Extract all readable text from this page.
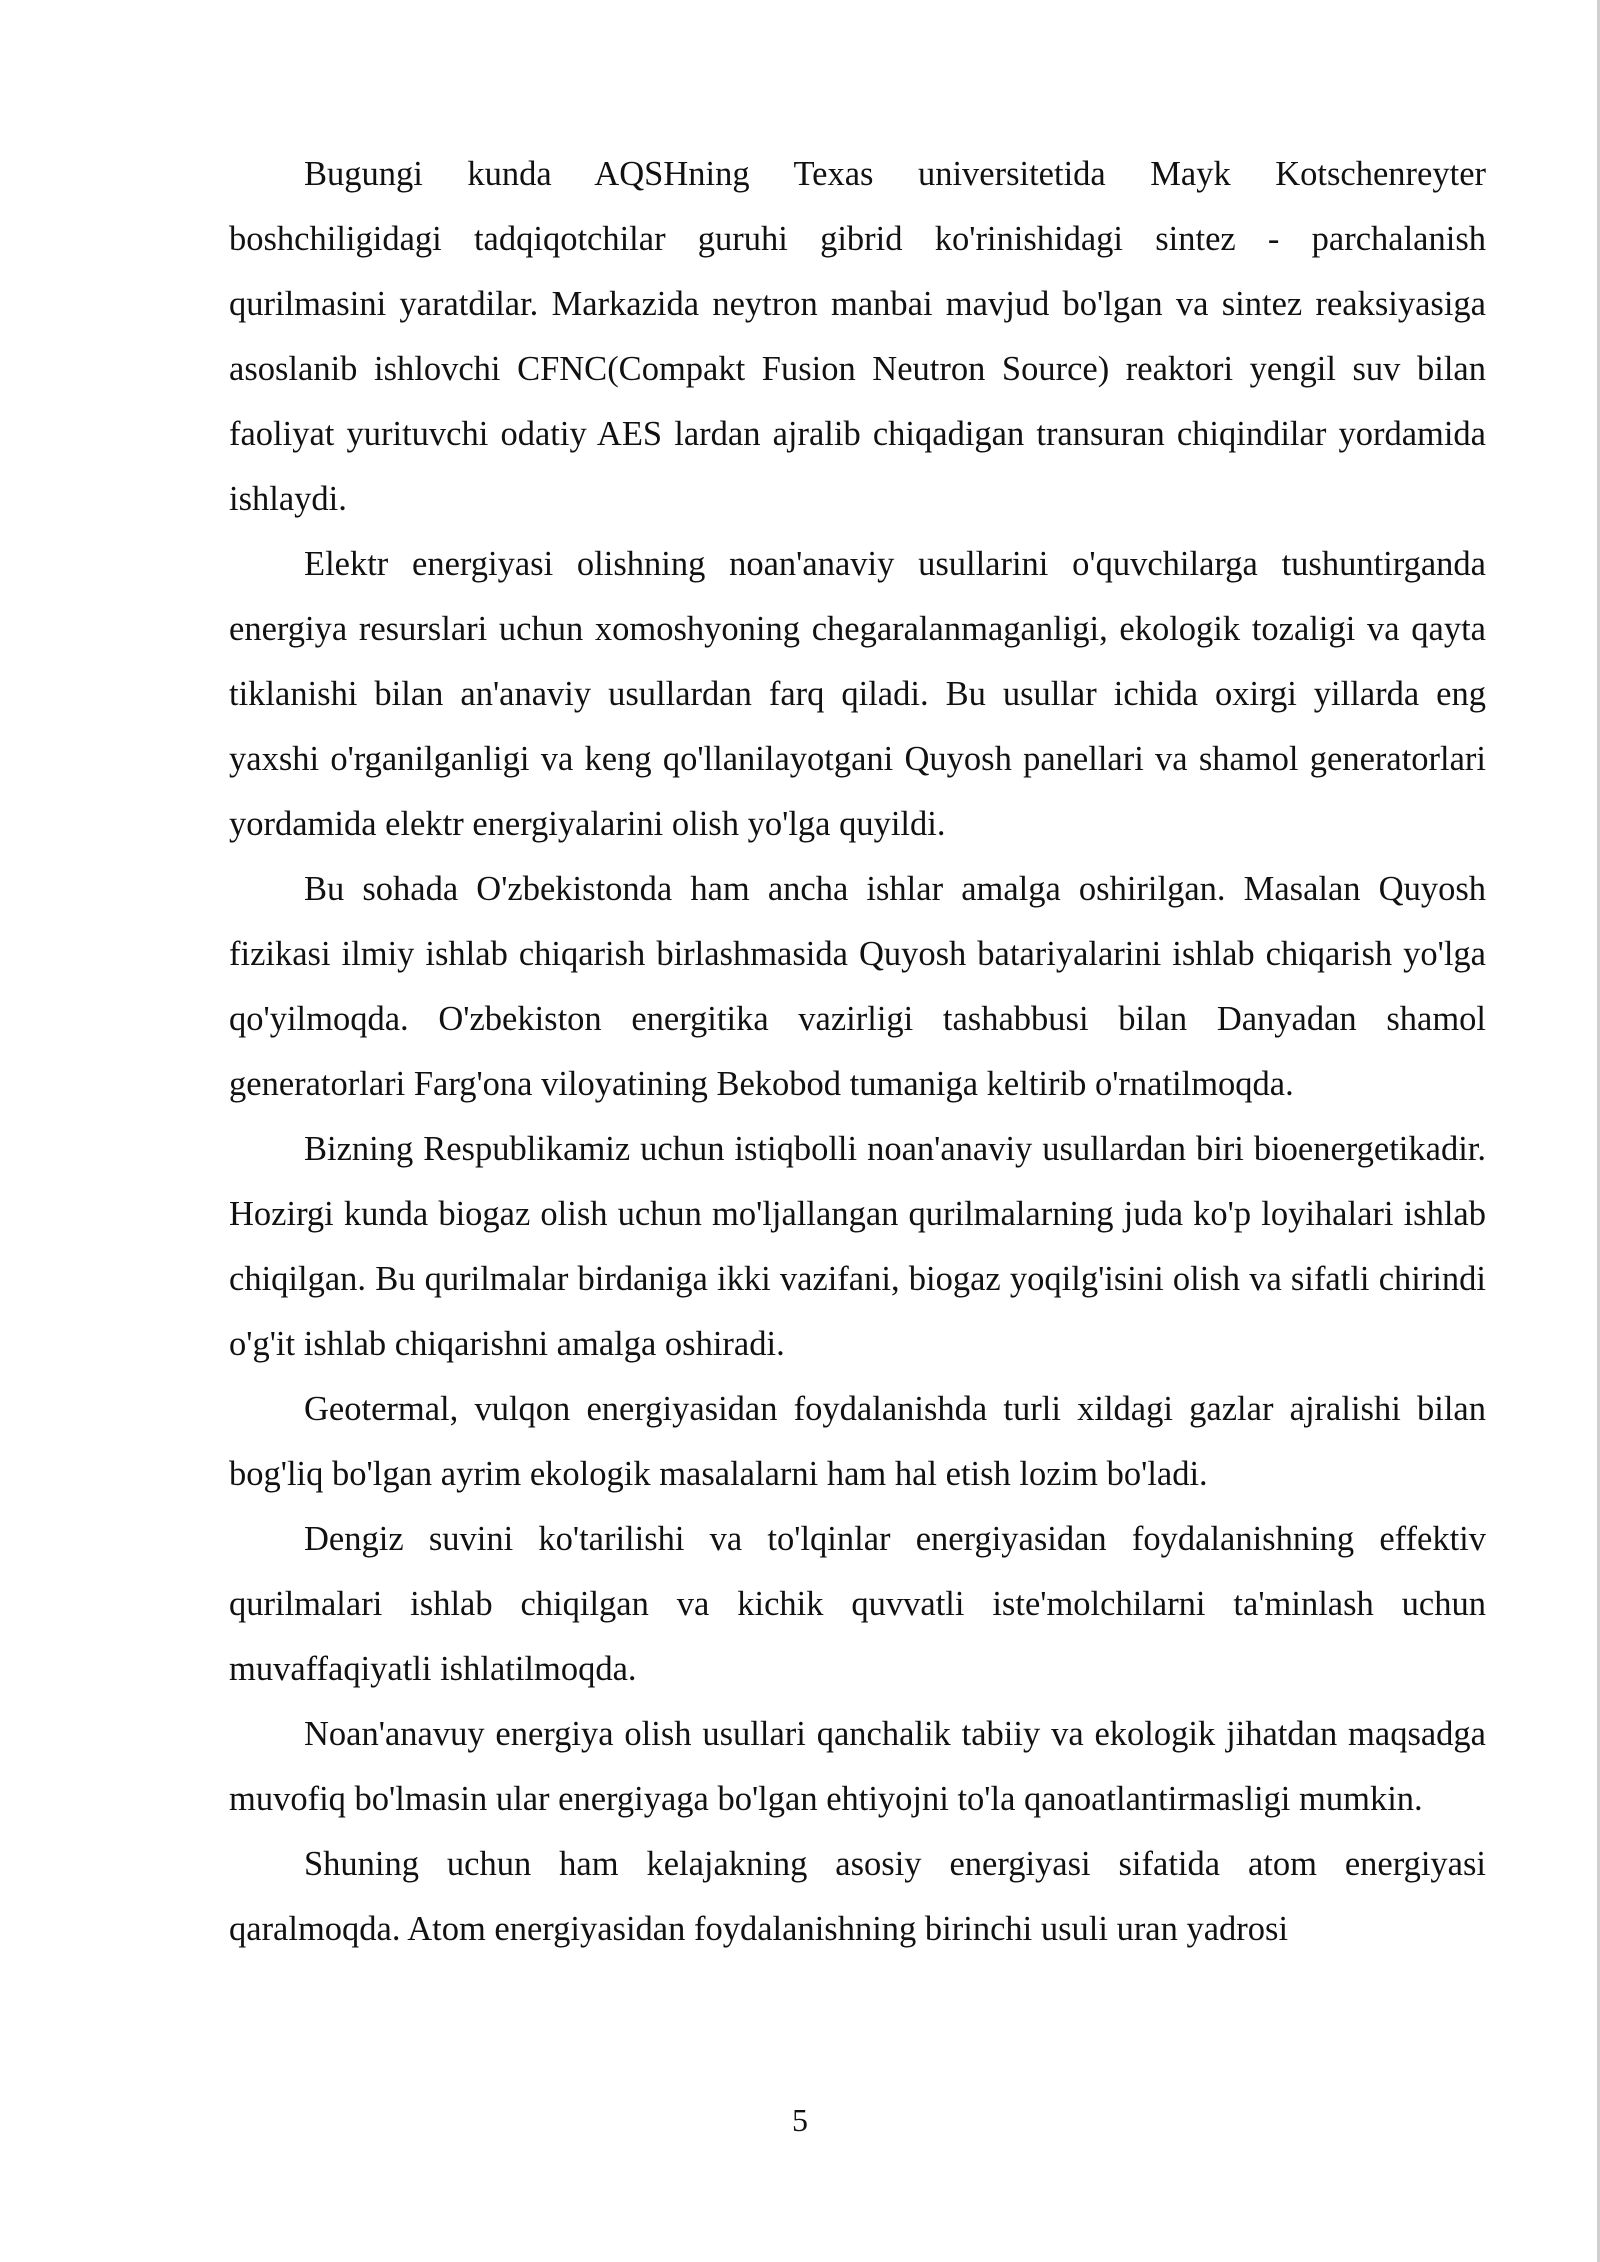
Bugungi kunda AQSHning Texas universitetida Mayk Kotschenreyter boshchiligidagi tadqiqotchilar guruhi gibrid ko'rinishidagi sintez - parchalanish qurilmasini yaratdilar. Markazida neytron manbai mavjud bo'lgan va sintez reaksiyasiga asoslanib ishlovchi CFNC(Compakt Fusion Neutron Source) reaktori yengil suv bilan faoliyat yurituvchi odatiy AES lardan ajralib chiqadigan transuran chiqindilar yordamida ishlaydi.

Elektr energiyasi olishning noan'anaviy usullarini o'quvchilarga tushuntirganda energiya resurslari uchun xomoshyoning chegaralanmaganligi, ekologik tozaligi va qayta tiklanishi bilan an'anaviy usullardan farq qiladi. Bu usullar ichida oxirgi yillarda eng yaxshi o'rganilganligi va keng qo'llanilayotgani Quyosh panellari va shamol generatorlari yordamida elektr energiyalarini olish yo'lga quyildi.

Bu sohada O'zbekistonda ham ancha ishlar amalga oshirilgan. Masalan Quyosh fizikasi ilmiy ishlab chiqarish birlashmasida Quyosh batariyalarini ishlab chiqarish yo'lga qo'yilmoqda. O'zbekiston energitika vazirligi tashabbusi bilan Danyadan shamol generatorlari Farg'ona viloyatining Bekobod tumaniga keltirib o'rnatilmoqda.

Bizning Respublikamiz uchun istiqbolli noan'anaviy usullardan biri bioenergetikadir. Hozirgi kunda biogaz olish uchun mo'ljallangan qurilmalarning juda ko'p loyihalari ishlab chiqilgan. Bu qurilmalar birdaniga ikki vazifani, biogaz yoqilg'isini olish va sifatli chirindi o'g'it ishlab chiqarishni amalga oshiradi.

Geotermal, vulqon energiyasidan foydalanishda turli xildagi gazlar ajralishi bilan bog'liq bo'lgan ayrim ekologik masalalarni ham hal etish lozim bo'ladi.

Dengiz suvini ko'tarilishi va to'lqinlar energiyasidan foydalanishning effektiv qurilmalari ishlab chiqilgan va kichik quvvatli iste'molchilarni ta'minlash uchun muvaffaqiyatli ishlatilmoqda.

Noan'anavuy energiya olish usullari qanchalik tabiiy va ekologik jihatdan maqsadga muvofiq bo'lmasin ular energiyaga bo'lgan ehtiyojni to'la qanoatlantirmasligi mumkin.

Shuning uchun ham kelajakning asosiy energiyasi sifatida atom energiyasi qaralmoqda. Atom energiyasidan foydalanishning birinchi usuli uran yadrosi

5
